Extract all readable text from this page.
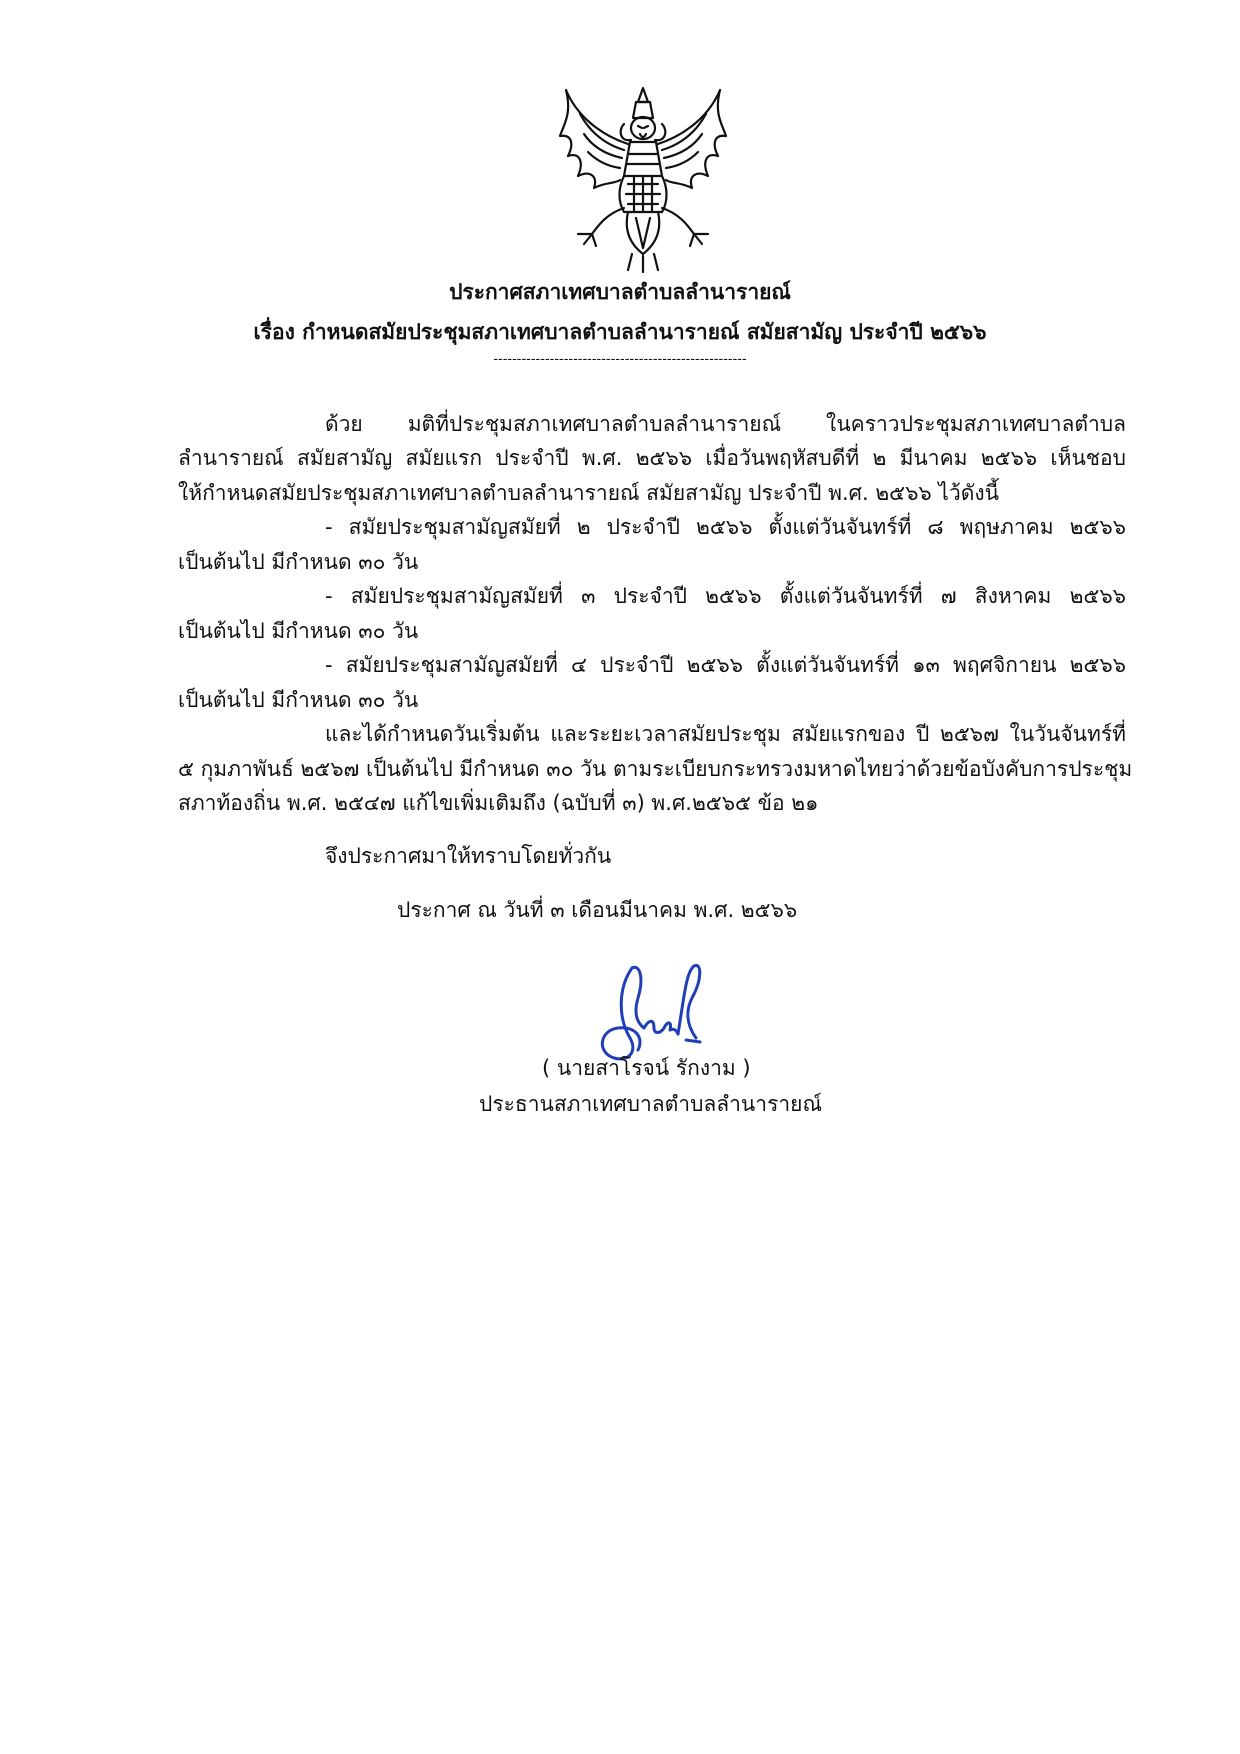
ประกาศสภาเทศบาลตำบลลำนารายณ์
เรื่อง กำหนดสมัยประชุมสภาเทศบาลตำบลลำนารายณ์ สมัยสามัญ ประจำปี ๒๕๖๖
------------------------------------------------------
ด้วย มติที่ประชุมสภาเทศบาลตำบลลำนารายณ์ ในคราวประชุมสภาเทศบาลตำบล
ลำนารายณ์ สมัยสามัญ สมัยแรก ประจำปี พ.ศ. ๒๕๖๖ เมื่อวันพฤหัสบดีที่ ๒ มีนาคม ๒๕๖๖ เห็นชอบ
ให้กำหนดสมัยประชุมสภาเทศบาลตำบลลำนารายณ์ สมัยสามัญ ประจำปี พ.ศ. ๒๕๖๖ ไว้ดังนี้
- สมัยประชุมสามัญสมัยที่ ๒ ประจำปี ๒๕๖๖ ตั้งแต่วันจันทร์ที่ ๘ พฤษภาคม ๒๕๖๖
เป็นต้นไป มีกำหนด ๓๐ วัน
- สมัยประชุมสามัญสมัยที่ ๓ ประจำปี ๒๕๖๖ ตั้งแต่วันจันทร์ที่ ๗ สิงหาคม ๒๕๖๖
เป็นต้นไป มีกำหนด ๓๐ วัน
- สมัยประชุมสามัญสมัยที่ ๔ ประจำปี ๒๕๖๖ ตั้งแต่วันจันทร์ที่ ๑๓ พฤศจิกายน ๒๕๖๖
เป็นต้นไป มีกำหนด ๓๐ วัน
และได้กำหนดวันเริ่มต้น และระยะเวลาสมัยประชุม สมัยแรกของ ปี ๒๕๖๗ ในวันจันทร์ที่
๕ กุมภาพันธ์ ๒๕๖๗ เป็นต้นไป มีกำหนด ๓๐ วัน ตามระเบียบกระทรวงมหาดไทยว่าด้วยข้อบังคับการประชุม
สภาท้องถิ่น พ.ศ. ๒๕๔๗ แก้ไขเพิ่มเติมถึง (ฉบับที่ ๓) พ.ศ.๒๕๖๕ ข้อ ๒๑
จึงประกาศมาให้ทราบโดยทั่วกัน
ประกาศ ณ วันที่ ๓ เดือนมีนาคม พ.ศ. ๒๕๖๖
( นายสาโรจน์ รักงาม )
ประธานสภาเทศบาลตำบลลำนารายณ์
